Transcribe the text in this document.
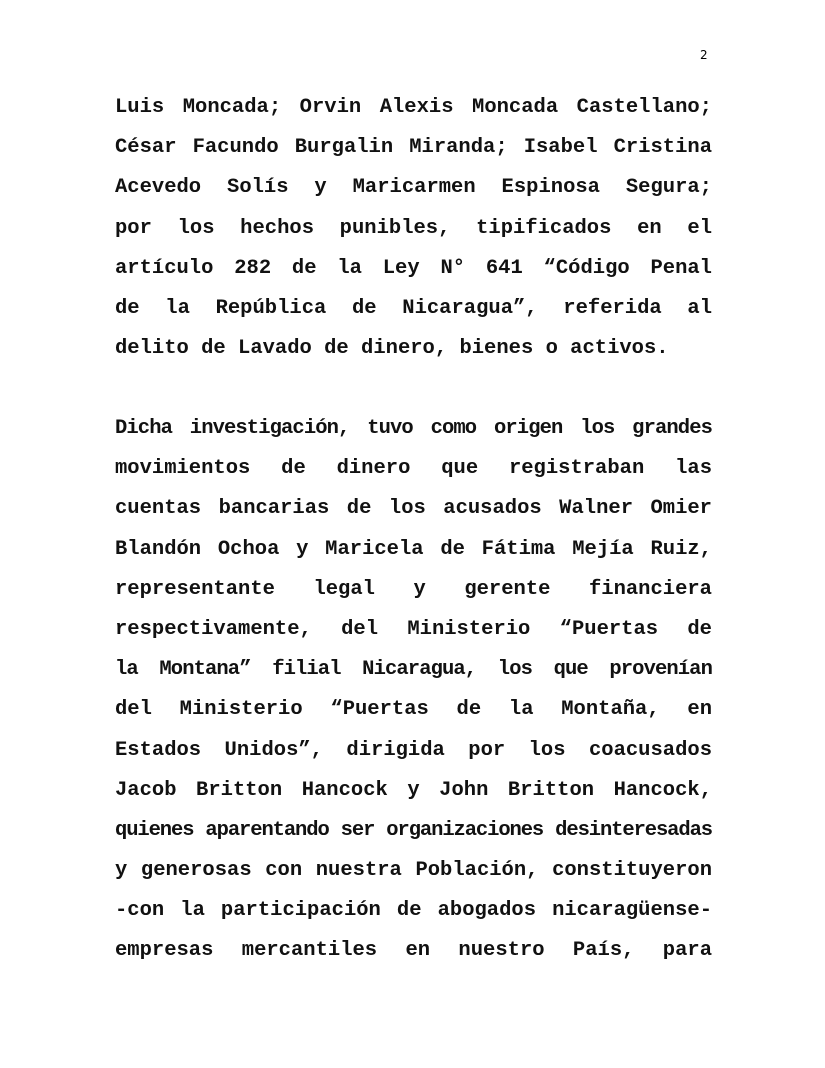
2
Luis Moncada; Orvin Alexis Moncada Castellano;
César Facundo Burgalin Miranda; Isabel Cristina
Acevedo Solís y Maricarmen Espinosa Segura;
por los hechos punibles, tipificados en el
artículo 282 de la Ley N° 641 “Código Penal
de la República de Nicaragua”, referida al
delito de Lavado de dinero, bienes o activos.
Dicha investigación, tuvo como origen los grandes
movimientos de dinero que registraban las
cuentas bancarias de los acusados Walner Omier
Blandón Ochoa y Maricela de Fátima Mejía Ruiz,
representante legal y gerente financiera
respectivamente, del Ministerio “Puertas de
la Montana” filial Nicaragua, los que provenían
del Ministerio “Puertas de la Montaña, en
Estados Unidos”, dirigida por los coacusados
Jacob Britton Hancock y John Britton Hancock,
quienes aparentando ser organizaciones desinteresadas
y generosas con nuestra Población, constituyeron
-con la participación de abogados nicaragüense-
empresas mercantiles en nuestro País, para
